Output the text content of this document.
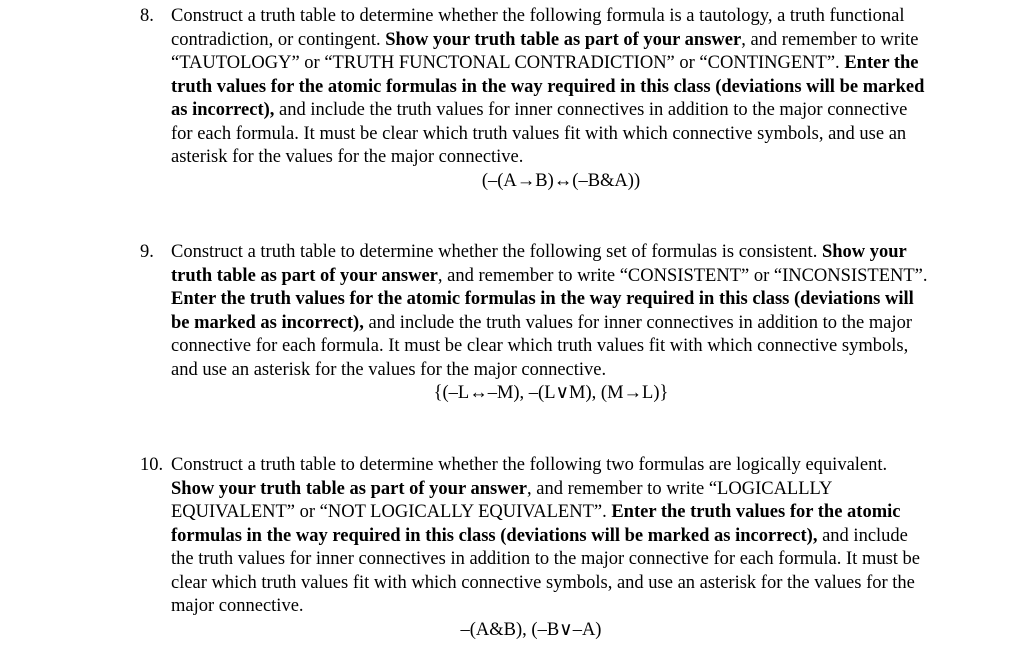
8. Construct a truth table to determine whether the following formula is a tautology, a truth functional contradiction, or contingent. Show your truth table as part of your answer, and remember to write “TAUTOLOGY” or “TRUTH FUNCTONAL CONTRADICTION” or “CONTINGENT”. Enter the truth values for the atomic formulas in the way required in this class (deviations will be marked as incorrect), and include the truth values for inner connectives in addition to the major connective for each formula. It must be clear which truth values fit with which connective symbols, and use an asterisk for the values for the major connective.
(–(A→B)↔(–B&A))
9. Construct a truth table to determine whether the following set of formulas is consistent. Show your truth table as part of your answer, and remember to write “CONSISTENT” or “INCONSISTENT”. Enter the truth values for the atomic formulas in the way required in this class (deviations will be marked as incorrect), and include the truth values for inner connectives in addition to the major connective for each formula. It must be clear which truth values fit with which connective symbols, and use an asterisk for the values for the major connective.
{(–L↔–M), –(L∨M), (M→L)}
10. Construct a truth table to determine whether the following two formulas are logically equivalent. Show your truth table as part of your answer, and remember to write “LOGICALLLY EQUIVALENT” or “NOT LOGICALLY EQUIVALENT”. Enter the truth values for the atomic formulas in the way required in this class (deviations will be marked as incorrect), and include the truth values for inner connectives in addition to the major connective for each formula. It must be clear which truth values fit with which connective symbols, and use an asterisk for the values for the major connective.
–(A&B), (–B∨–A)
